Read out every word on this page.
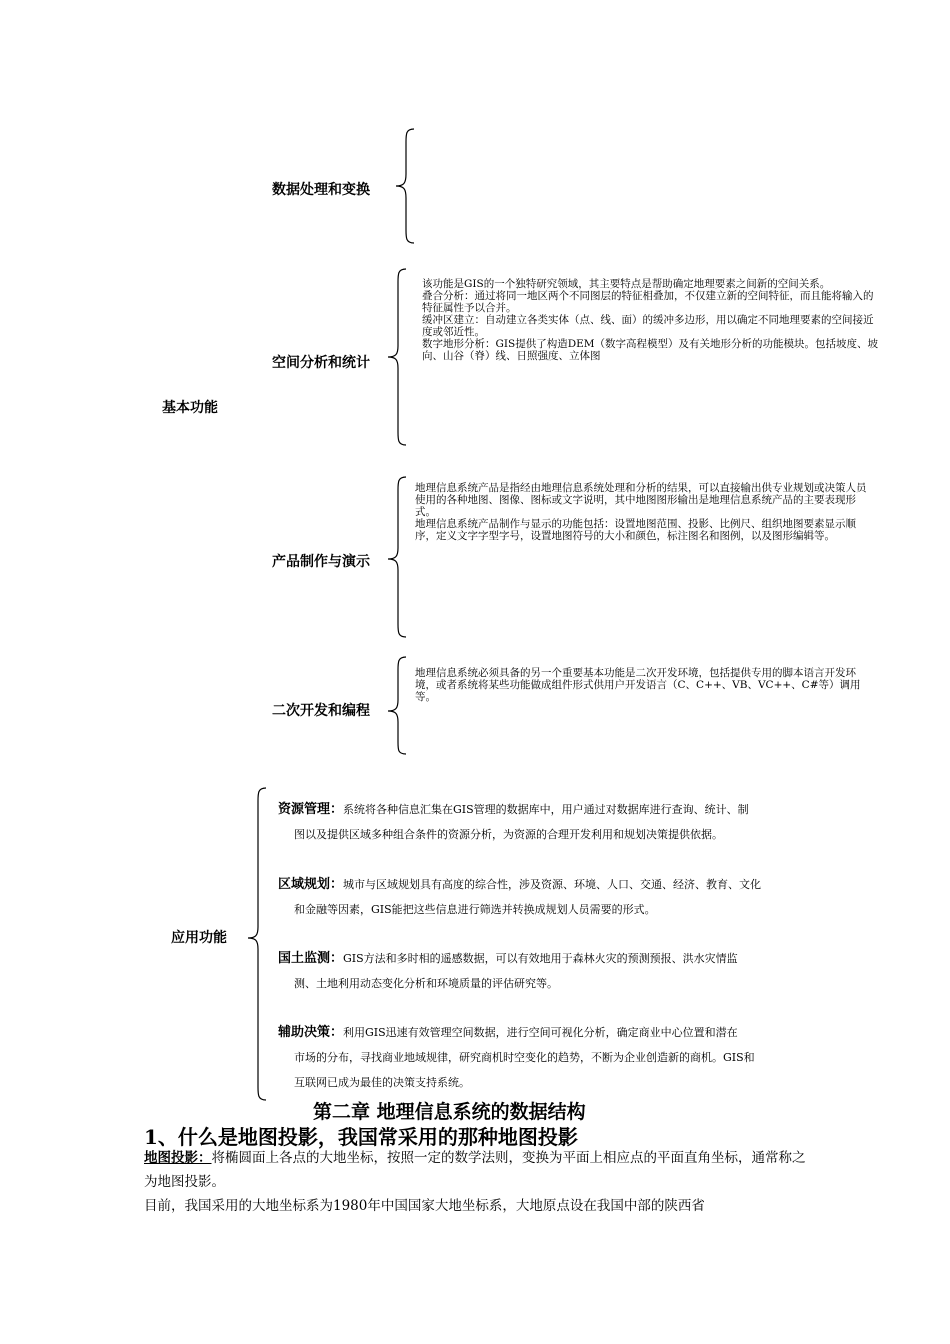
基本功能
数据处理和变换
空间分析和统计

该功能是GIS的一个独特研究领域，其主要特点是帮助确定地理要素之间新的空间关系。

叠合分析：通过将同一地区两个不同图层的特征相叠加，不仅建立新的空间特征，而且能将输入的特征属性予以合并。

缓冲区建立：自动建立各类实体（点、线、面）的缓冲多边形，用以确定不同地理要素的空间接近度或邻近性。

数字地形分析：GIS提供了构造DEM（数字高程模型）及有关地形分析的功能模块。包括坡度、坡向、山谷（脊）线、日照强度、立体图

产品制作与演示

地理信息系统产品是指经由地理信息系统处理和分析的结果，可以直接输出供专业规划或决策人员使用的各种地图、图像、图标或文字说明，其中地图图形输出是地理信息系统产品的主要表现形式。

地理信息系统产品制作与显示的功能包括：设置地图范围、投影、比例尺、组织地图要素显示顺序，定义文字字型字号，设置地图符号的大小和颜色，标注图名和图例，以及图形编辑等。

二次开发和编程

地理信息系统必须具备的另一个重要基本功能是二次开发环境，包括提供专用的脚本语言开发环境，或者系统将某些功能做成组件形式供用户开发语言（C、C++、VB、VC++、C#等）调用等。

应用功能
资源管理：系统将各种信息汇集在GIS管理的数据库中，用户通过对数据库进行查询、统计、制
图以及提供区域多种组合条件的资源分析，为资源的合理开发利用和规划决策提供依据。
区域规划：城市与区域规划具有高度的综合性，涉及资源、环境、人口、交通、经济、教育、文化
和金融等因素，GIS能把这些信息进行筛选并转换成规划人员需要的形式。
国土监测：GIS方法和多时相的遥感数据，可以有效地用于森林火灾的预测预报、洪水灾情监
测、土地利用动态变化分析和环境质量的评估研究等。
辅助决策：利用GIS迅速有效管理空间数据，进行空间可视化分析，确定商业中心位置和潜在
市场的分布，寻找商业地域规律，研究商机时空变化的趋势，不断为企业创造新的商机。GIS和
互联网已成为最佳的决策支持系统。
第二章 地理信息系统的数据结构
1、什么是地图投影，我国常采用的那种地图投影
地图投影：将椭圆面上各点的大地坐标，按照一定的数学法则，变换为平面上相应点的平面直角坐标，通常称之为地图投影。
目前，我国采用的大地坐标系为1980年中国国家大地坐标系，大地原点设在我国中部的陕西省
